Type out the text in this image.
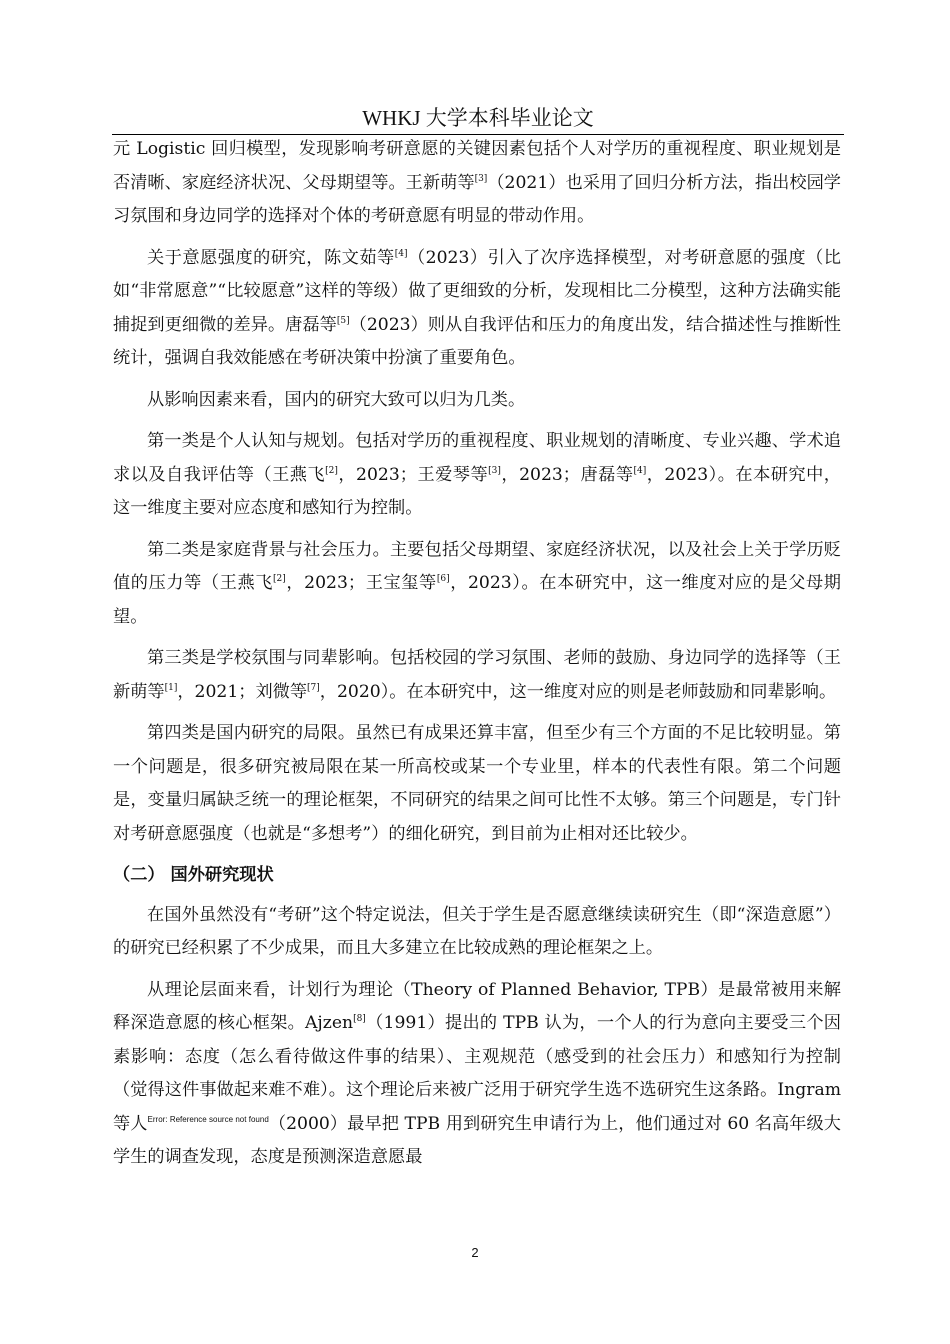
WHKJ 大学本科毕业论文

元 Logistic 回归模型，发现影响考研意愿的关键因素包括个人对学历的重视程度、职业规划是否清晰、家庭经济状况、父母期望等。王新萌等[3]（2021）也采用了回归分析方法，指出校园学习氛围和身边同学的选择对个体的考研意愿有明显的带动作用。

关于意愿强度的研究，陈文茹等[4]（2023）引入了次序选择模型，对考研意愿的强度（比如“非常愿意”“比较愿意”这样的等级）做了更细致的分析，发现相比二分模型，这种方法确实能捕捉到更细微的差异。唐磊等[5]（2023）则从自我评估和压力的角度出发，结合描述性与推断性统计，强调自我效能感在考研决策中扮演了重要角色。

从影响因素来看，国内的研究大致可以归为几类。

第一类是个人认知与规划。包括对学历的重视程度、职业规划的清晰度、专业兴趣、学术追求以及自我评估等（王燕飞[2]，2023；王爱琴等[3]，2023；唐磊等[4]，2023）。在本研究中，这一维度主要对应态度和感知行为控制。

第二类是家庭背景与社会压力。主要包括父母期望、家庭经济状况，以及社会上关于学历贬值的压力等（王燕飞[2]，2023；王宝玺等[6]，2023）。在本研究中，这一维度对应的是父母期望。

第三类是学校氛围与同辈影响。包括校园的学习氛围、老师的鼓励、身边同学的选择等（王新萌等[1]，2021；刘微等[7]，2020）。在本研究中，这一维度对应的则是老师鼓励和同辈影响。

第四类是国内研究的局限。虽然已有成果还算丰富，但至少有三个方面的不足比较明显。第一个问题是，很多研究被局限在某一所高校或某一个专业里，样本的代表性有限。第二个问题是，变量归属缺乏统一的理论框架，不同研究的结果之间可比性不太够。第三个问题是，专门针对考研意愿强度（也就是“多想考”）的细化研究，到目前为止相对还比较少。

（二） 国外研究现状

在国外虽然没有“考研”这个特定说法，但关于学生是否愿意继续读研究生（即“深造意愿”）的研究已经积累了不少成果，而且大多建立在比较成熟的理论框架之上。

从理论层面来看，计划行为理论（Theory of Planned Behavior, TPB）是最常被用来解释深造意愿的核心框架。Ajzen[8]（1991）提出的 TPB 认为，一个人的行为意向主要受三个因素影响：态度（怎么看待做这件事的结果）、主观规范（感受到的社会压力）和感知行为控制（觉得这件事做起来难不难）。这个理论后来被广泛用于研究学生选不选研究生这条路。Ingram 等人$^{Error: Reference source not found}$（2000）最早把 TPB 用到研究生申请行为上，他们通过对 60 名高年级大学生的调查发现，态度是预测深造意愿最

2
